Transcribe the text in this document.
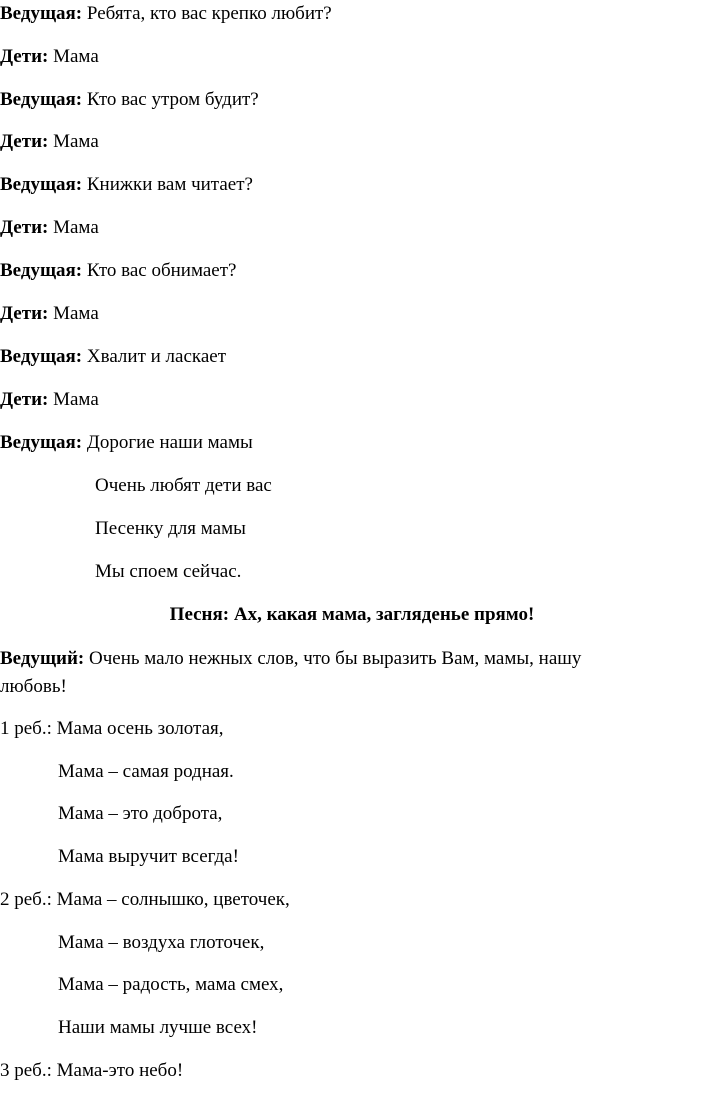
Ведущая: Ребята, кто вас крепко любит?
Дети: Мама
Ведущая: Кто вас утром будит?
Дети: Мама
Ведущая: Книжки вам читает?
Дети: Мама
Ведущая: Кто вас обнимает?
Дети: Мама
Ведущая: Хвалит и ласкает
Дети: Мама
Ведущая: Дорогие наши мамы
Очень любят дети вас
Песенку для мамы
Мы споем сейчас.
Песня: Ах, какая мама, загляденье прямо!
Ведущий: Очень мало нежных слов, что бы выразить Вам, мамы, нашу
любовь!
1 реб.: Мама осень золотая,
Мама – самая родная.
Мама – это доброта,
Мама выручит всегда!
2 реб.: Мама – солнышко, цветочек,
Мама – воздуха глоточек,
Мама – радость, мама смех,
Наши мамы лучше всех!
3 реб.: Мама-это небо!
